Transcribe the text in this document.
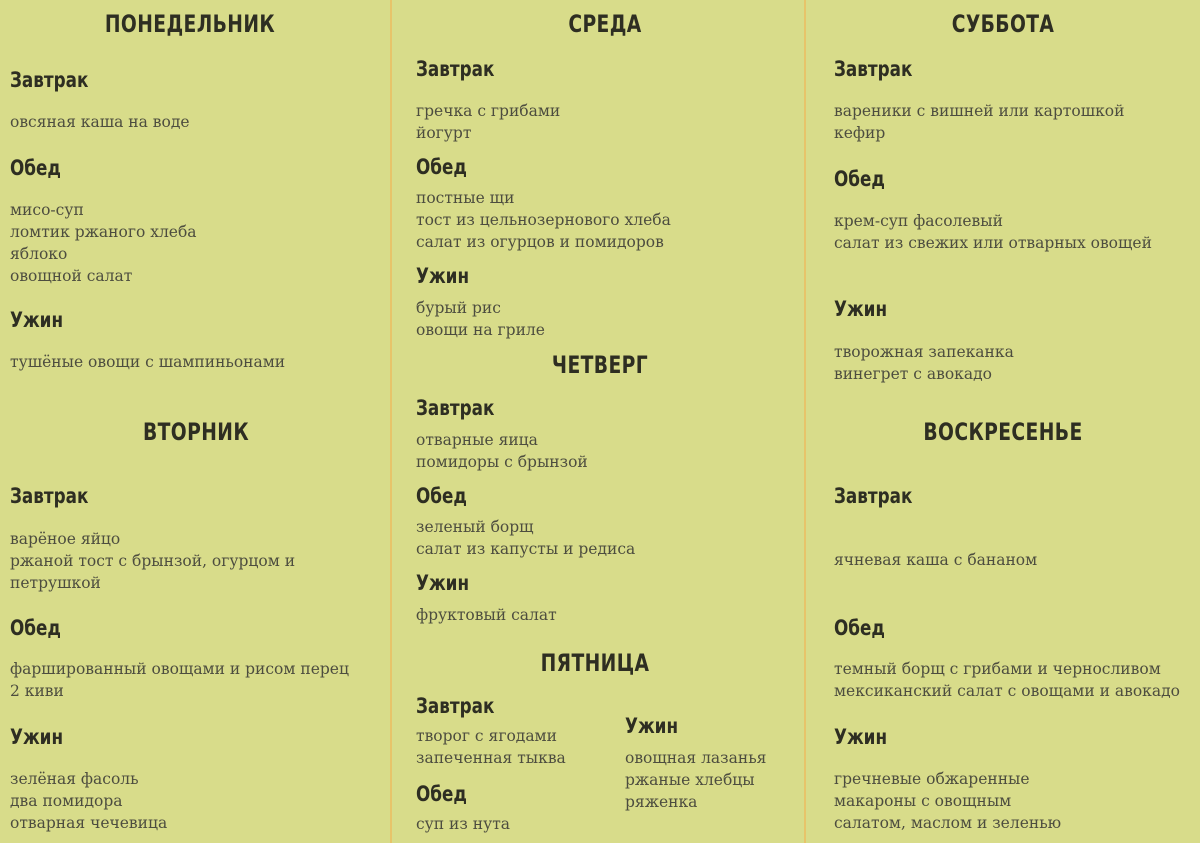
ПОНЕДЕЛЬНИК
Завтрак
овсяная каша на воде
Обед
мисо-суп
ломтик ржаного хлеба
яблоко
овощной салат
Ужин
тушёные овощи с шампиньонами
ВТОРНИК
Завтрак
варёное яйцо
ржаной тост с брынзой, огурцом и
петрушкой
Обед
фаршированный овощами и рисом перец
2 киви
Ужин
зелёная фасоль
два помидора
отварная чечевица
СРЕДА
Завтрак
гречка с грибами
йогурт
Обед
постные щи
тост из цельнозернового хлеба
салат из огурцов и помидоров
Ужин
бурый рис
овощи на гриле
ЧЕТВЕРГ
Завтрак
отварные яица
помидоры с брынзой
Обед
зеленый борщ
салат из капусты и редиса
Ужин
фруктовый салат
ПЯТНИЦА
Завтрак
творог с ягодами
запеченная тыква
Обед
суп из нута
Ужин
овощная лазанья
ржаные хлебцы
ряженка
СУББОТА
Завтрак
вареники с вишней или картошкой
кефир
Обед
крем-суп фасолевый
салат из свежих или отварных овощей
Ужин
творожная запеканка
винегрет с авокадо
ВОСКРЕСЕНЬЕ
Завтрак
ячневая каша с бананом
Обед
темный борщ с грибами и черносливом
мексиканский салат с овощами и авокадо
Ужин
гречневые обжаренные
макароны с овощным
салатом, маслом и зеленью
